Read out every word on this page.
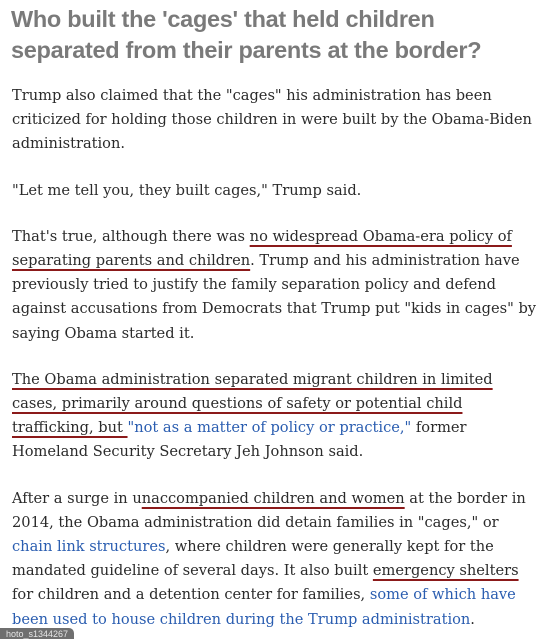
Who built the 'cages' that held children separated from their parents at the border?

Trump also claimed that the "cages" his administration has been criticized for holding those children in were built by the Obama-Biden administration.

"Let me tell you, they built cages," Trump said.

That's true, although there was no widespread Obama-era policy of separating parents and children. Trump and his administration have previously tried to justify the family separation policy and defend against accusations from Democrats that Trump put "kids in cages" by saying Obama started it.

The Obama administration separated migrant children in limited cases, primarily around questions of safety or potential child trafficking, but "not as a matter of policy or practice," former Homeland Security Secretary Jeh Johnson said.

After a surge in unaccompanied children and women at the border in 2014, the Obama administration did detain families in "cages," or chain link structures, where children were generally kept for the mandated guideline of several days. It also built emergency shelters for children and a detention center for families, some of which have been used to house children during the Trump administration.

hoto_s1344267
